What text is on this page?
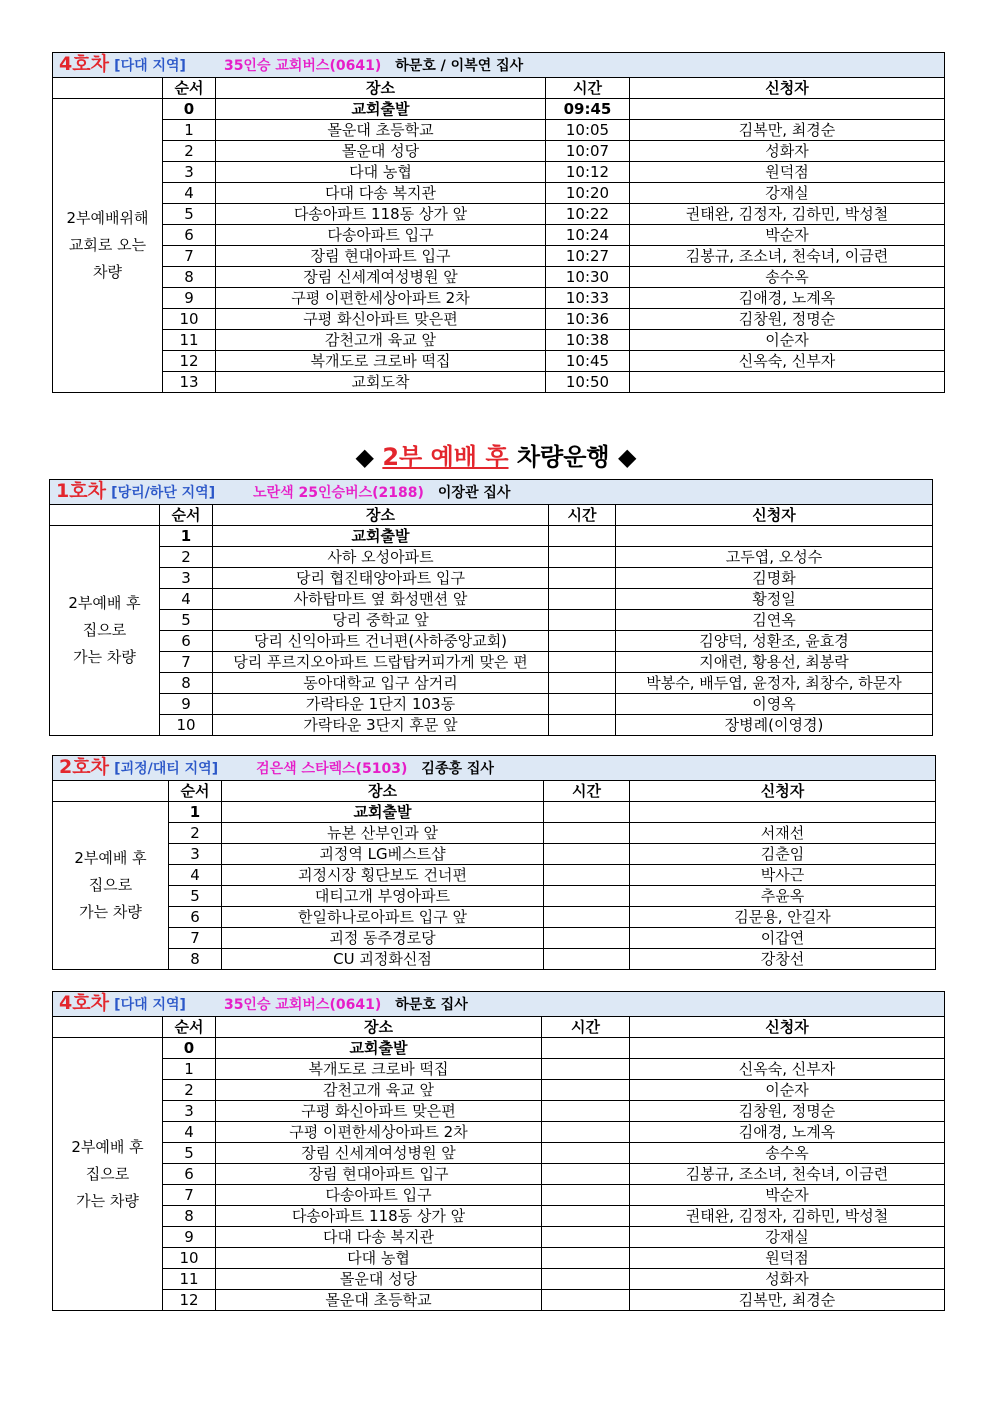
4호차 [다대 지역] 35인승 교회버스(0641) 하문호 / 이복연 집사				
	순서	장소	시간	신청자

2부예배위해
교회로 오는
차량	0	교회출발	09:45	
	1	몰운대 초등학교	10:05	김복만, 최경순
	2	몰운대 성당	10:07	성화자
	3	다대 농협	10:12	원덕점
	4	다대 다송 복지관	10:20	강재실
	5	다송아파트 118동 상가 앞	10:22	권태완, 김정자, 김하민, 박성철
	6	다송아파트 입구	10:24	박순자
	7	장림 현대아파트 입구	10:27	김봉규, 조소녀, 천숙녀, 이금련
	8	장림 신세계여성병원 앞	10:30	송수옥
	9	구평 이편한세상아파트 2차	10:33	김애경, 노계옥
	10	구평 화신아파트 맞은편	10:36	김창원, 정명순
	11	감천고개 육교 앞	10:38	이순자
	12	복개도로 크로바 떡집	10:45	신옥숙, 신부자
	13	교회도착	10:50	
◆ 2부 예배 후 차량운행 ◆
1호차 [당리/하단 지역] 노란색 25인승버스(2188) 이장관 집사				
	순서	장소	시간	신청자

2부예배 후
집으로
가는 차량	1	교회출발		
	2	사하 오성아파트		고두엽, 오성수
	3	당리 협진태양아파트 입구		김명화
	4	사하탑마트 옆 화성맨션 앞		황정일
	5	당리 중학교 앞		김연옥
	6	당리 신익아파트 건너편(사하중앙교회)		김양덕, 성환조, 윤효경
	7	당리 푸르지오아파트 드랍탑커피가게 맞은 편		지애련, 황용선, 최봉락
	8	동아대학교 입구 삼거리		박봉수, 배두엽, 윤정자, 최창수, 하문자
	9	가락타운 1단지 103동		이영옥
	10	가락타운 3단지 후문 앞		장병례(이영경)
2호차 [괴정/대티 지역] 검은색 스타렉스(5103) 김종홍 집사				
	순서	장소	시간	신청자

2부예배 후
집으로
가는 차량	1	교회출발		
	2	뉴본 산부인과 앞		서재선
	3	괴정역 LG베스트샵		김춘임
	4	괴정시장 횡단보도 건너편		박사근
	5	대티고개 부영아파트		추윤옥
	6	한일하나로아파트 입구 앞		김문용, 안길자
	7	괴정 동주경로당		이갑연
	8	CU 괴정화신점		강창선
4호차 [다대 지역] 35인승 교회버스(0641) 하문호 집사				
	순서	장소	시간	신청자

2부예배 후
집으로
가는 차량	0	교회출발		
	1	복개도로 크로바 떡집		신옥숙, 신부자
	2	감천고개 육교 앞		이순자
	3	구평 화신아파트 맞은편		김창원, 정명순
	4	구평 이편한세상아파트 2차		김애경, 노계옥
	5	장림 신세계여성병원 앞		송수옥
	6	장림 현대아파트 입구		김봉규, 조소녀, 천숙녀, 이금련
	7	다송아파트 입구		박순자
	8	다송아파트 118동 상가 앞		권태완, 김정자, 김하민, 박성철
	9	다대 다송 복지관		강재실
	10	다대 농협		원덕점
	11	몰운대 성당		성화자
	12	몰운대 초등학교		김복만, 최경순
